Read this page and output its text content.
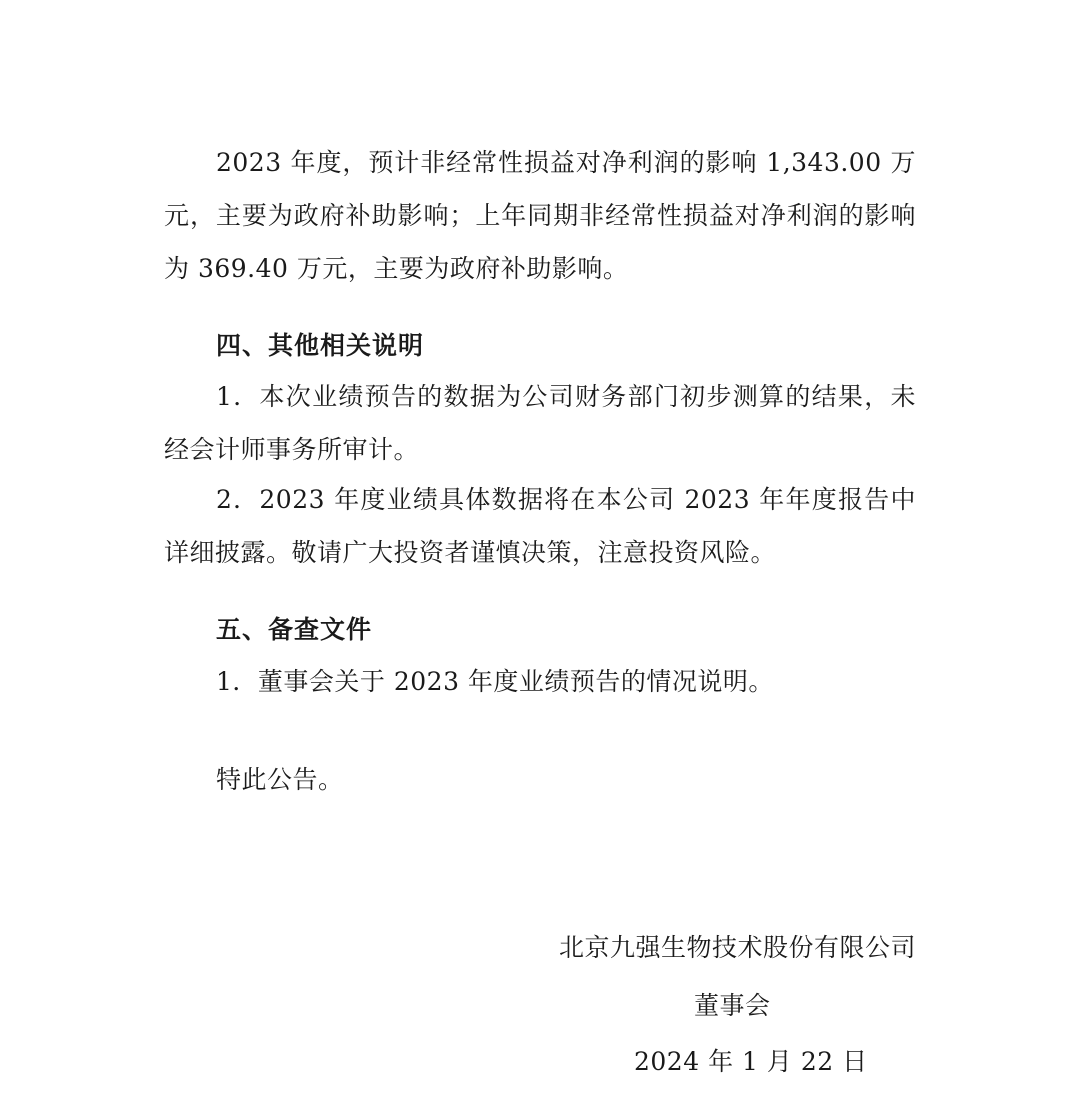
2023 年度，预计非经常性损益对净利润的影响 1,343.00 万元，主要为政府补助影响；上年同期非经常性损益对净利润的影响为 369.40 万元，主要为政府补助影响。

四、其他相关说明

1．本次业绩预告的数据为公司财务部门初步测算的结果，未经会计师事务所审计。

2．2023 年度业绩具体数据将在本公司 2023 年年度报告中详细披露。敬请广大投资者谨慎决策，注意投资风险。

五、备查文件

1．董事会关于 2023 年度业绩预告的情况说明。

特此公告。

北京九强生物技术股份有限公司

董事会

2024 年 1 月 22 日
